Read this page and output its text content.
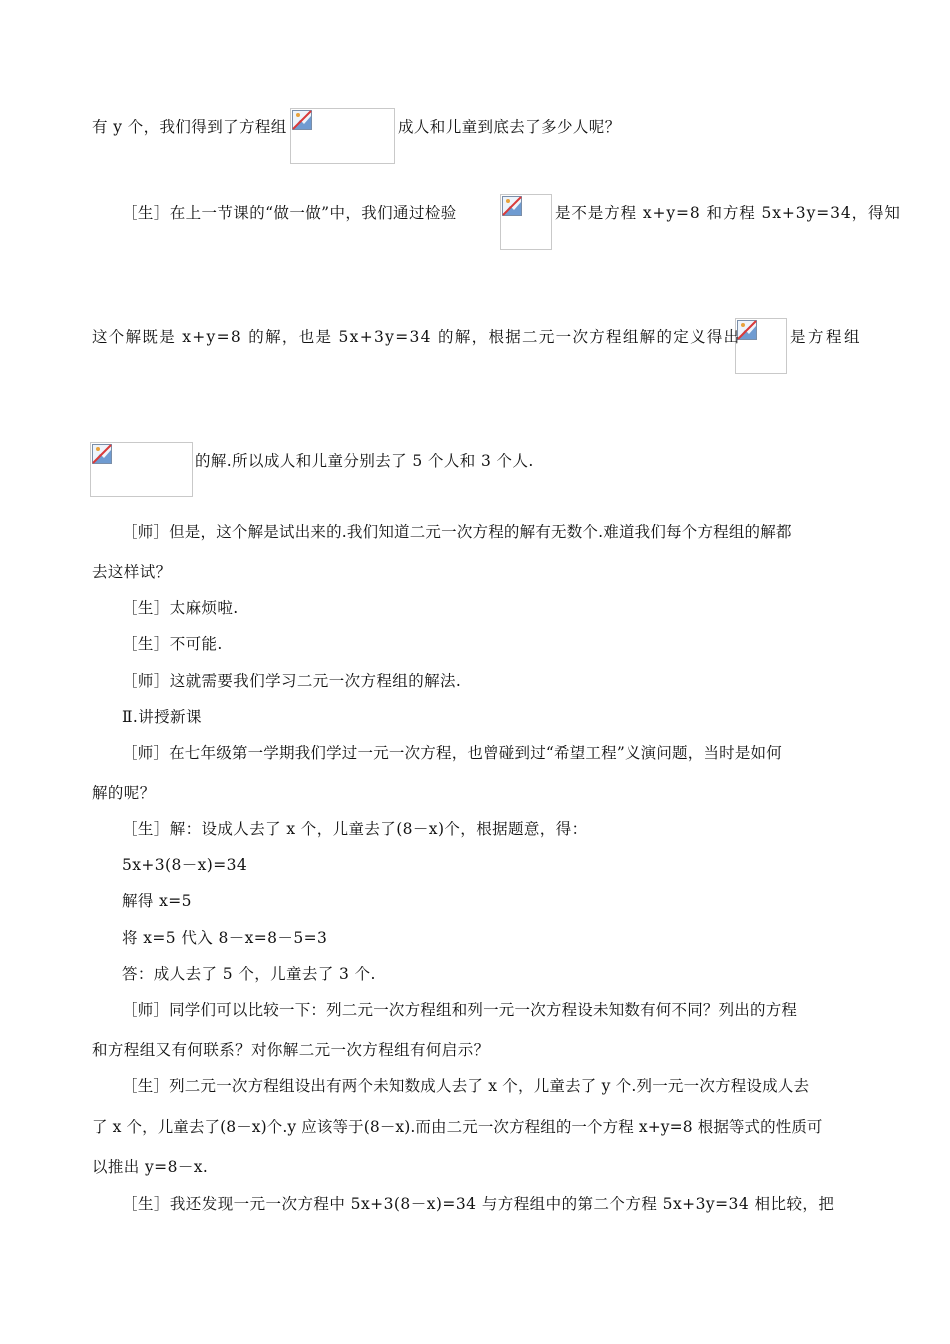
有 y 个，我们得到了方程组	成人和儿童到底去了多少人呢？
［生］在上一节课的“做一做”中，我们通过检验	是不是方程 x+y=8 和方程 5x+3y=34，得知
这个解既是 x+y=8 的解，也是 5x+3y=34 的解，根据二元一次方程组解的定义得出	是方程组
的解.所以成人和儿童分别去了 5 个人和 3 个人.
［师］但是，这个解是试出来的.我们知道二元一次方程的解有无数个.难道我们每个方程组的解都
去这样试？
［生］太麻烦啦.
［生］不可能.
［师］这就需要我们学习二元一次方程组的解法.
Ⅱ.讲授新课
［师］在七年级第一学期我们学过一元一次方程，也曾碰到过“希望工程”义演问题，当时是如何
解的呢？
［生］解：设成人去了 x 个，儿童去了(8－x)个，根据题意，得：
5x+3(8－x)=34
解得 x=5
将 x=5 代入 8－x=8－5=3
答：成人去了 5 个，儿童去了 3 个.
［师］同学们可以比较一下：列二元一次方程组和列一元一次方程设未知数有何不同？列出的方程
和方程组又有何联系？对你解二元一次方程组有何启示？
［生］列二元一次方程组设出有两个未知数成人去了 x 个，儿童去了 y 个.列一元一次方程设成人去
了 x 个，儿童去了(8－x)个.y 应该等于(8－x).而由二元一次方程组的一个方程 x+y=8 根据等式的性质可
以推出 y=8－x.
［生］我还发现一元一次方程中 5x+3(8－x)=34 与方程组中的第二个方程 5x+3y=34 相比较，把
